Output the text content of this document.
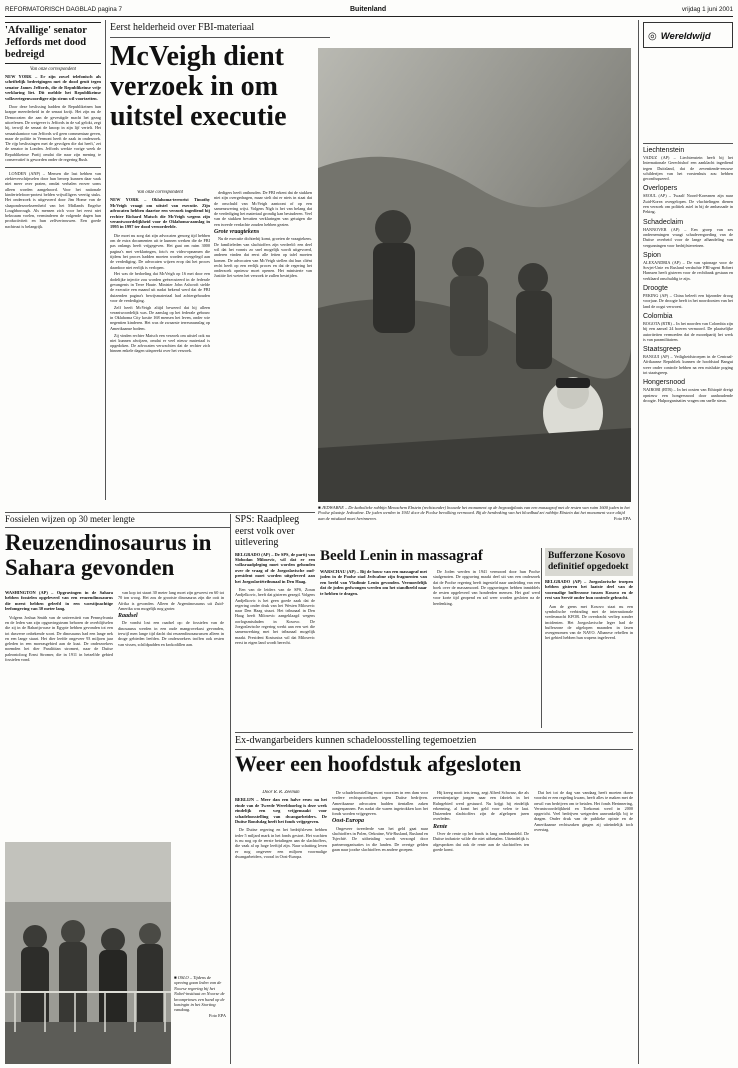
REFORMATORISCH DAGBLAD pagina 7	Buitenland	vrijdag 1 juni 2001
'Afvallige' senator Jeffords met dood bedreigd
Van onze correspondent

NEW YORK – Er zijn zowel telefonisch als schriftelijk bedreigingen met de dood geuit tegen senator James Jeffords, die de Republikeinse vrije verklaring liet. Dit meldde het Republikeinse volkvertegenwoordiger zijn steun wil voortzetten.

Door deze beslissing hadden de Republikeinen hun krappe meerderheid in de senaat kwijt. Het zijn nu de Democraten die aan de gevestigde macht het gezag uitoefenen. De wetgever is Jeffords in de val gelokt, zegt hij, terwijl de senaat de knoop in zijn lijf vertelt. Het senaatskantoor van Jeffords wil geen commentaar geven, maar de politie in Vermont heeft de zaak in onderzoek. 'De rijp beslissingen met de gevolgen die dat heeft,' zei de senator in Londen. Jeffords werkte vorige week de Republikeinse Partij omdat die naar zijn mening te conservatief is geworden onder de regering Bush.

LONDEN (ANP) – Mensen die last hebben van ziekteverschijnselen door hun beroep kunnen daar vaak niet meer over praten, omdat verhalen erover soms alleen worden aangehoord. Voor het nationale kindertelefoon-protest belden vrijwilligers veertig stuks. Het onderzoek is uitgevoerd door Jim Home van de slaaponderzoekseenheid van het Midlands Engelse Loughborough. Als mensen zich voor het eerst niet bekwaam voelen, verminderen de volgende dagen hun productiviteit en hun zelfvertrouwen. Een goede nachtrust is belangrijk.

Eerst helderheid over FBI-materiaal
McVeigh dient verzoek in om uitstel executie
Van onze correspondent

NEW YORK – Oklahoma-terrorist Timothy McVeigh vraagt om uitstel van executie. Zijn advocaten hebben daartoe een verzoek ingediend bij rechter Richard Matsch die McVeigh wegens zijn verantwoordelijkheid voor de Oklahoma-aanslag in 1995 in 1997 ter dood veroordeelde.

Die moet nu zorg dat zijn advocaten genoeg tijd hebben om de extra documenten uit te kunnen werken die de FBI pas onlangs heeft vrijgegeven. Het gaat om ruim 3000 pagina's met verklaringen, foto's en video-opnamen die tijdens het proces hadden moeten worden overgelegd aan de verdediging. De advocaten wijzen erop dat het proces daardoor niet eerlijk is verlopen.

Het was de bedoeling dat McVeigh op 16 mei door een dodelijke injectie zou worden geëxecuteerd in de federale gevangenis in Terre Haute. Minister John Ashcroft stelde de executie een maand uit nadat bekend werd dat de FBI duizenden pagina's bewijsmateriaal had achtergehouden voor de verdediging.

Zelf heeft McVeigh altijd beweerd dat hij alleen verantwoordelijk was. De aanslag op het federale gebouw in Oklahoma City kostte 168 mensen het leven, onder wie negentien kinderen. Het was de zwaarste terreuraanslag op Amerikaanse bodem.

Zij vinden rechter Matsch een verzoek om uitstel ook nu niet kunnen afwijzen, omdat er veel nieuw materiaal is opgedoken. De advocaten verwachten dat de rechter zich binnen enkele dagen uitspreekt over het verzoek.

dedigers heeft onthouden. De FBI erkent dat de stukken niet zijn overgedragen, maar stelt dat er niets in staat dat de onschuld van McVeigh aantoont of op een samenzwering wijst. Volgens Nigh is het van belang dat de verdediging het materiaal grondig kan bestuderen. Veel van de stukken bevatten verklaringen van getuigen die een tweede verdachte zouden hebben gezien.

Grote vraagtekens

Nu de executie dichterbij komt, groeien de vraagtekens. De familieleden van slachtoffers zijn verdeeld: een deel wil dat het vonnis zo snel mogelijk wordt uitgevoerd, anderen vinden dat eerst alle feiten op tafel moeten komen. De advocaten van McVeigh stellen dat hun cliënt recht heeft op een eerlijk proces en dat de regering het onderzoek opnieuw moet openen. Het ministerie van Justitie liet weten het verzoek te zullen bestrijden.

■ JEDWABNE – De katholieke rabbijn Menachem Ebstein (rechtsonder) bouwde het monument op de begraafplaats van een massagraf met de resten van ruim 1600 joden in het Poolse plaatsje Jedwabne. De joden werden in 1941 door de Poolse bevolking vermoord. Bij de herdenking van het bloedbad zei rabbijn Ebstein dat het monument voor altijd aan de misdaad moet herinneren.	Foto EPA
Fossielen wijzen op 30 meter lengte
Reuzendinosaurus in Sahara gevonden

WASHINGTON (AP) – Opgravingen in de Sahara hebben fossielen opgeleverd van een reuzendinosaurus die meest hebben geleefd in een woestijnachtige leefomgeving van 30 meter lang.

Volgens Joshua Smith van de universiteit van Pennsylvania en de leden van zijn opgravingsteam behoren de overblijfselen die zij in de Baharija-oase in Egypte hebben gevonden tot een tot dusverre onbekende soort. De dinosaurus had een lange nek en een lange staart. Het dier leefde ongeveer 93 miljoen jaar geleden in een moerasgebied aan de kust. De onderzoekers noemden het dier Paralititan stromeri, naar de Duitse paleontoloog Ernst Stromer, die in 1911 in hetzelfde gebied fossielen vond.

van kop tot staart 30 meter lang moet zijn geweest en 60 tot 70 ton woog. Het zou de grootste dinosaurus zijn die ooit in Afrika is gevonden. Alleen de Argentinosaurus uit Zuid-Amerika was mogelijk nog groter.

Raadsel

De vondst lost een raadsel op: de fossielen van de dinosaurus werden in een oude mangrovekust gevonden, terwijl men lange tijd dacht dat reuzendinosaurussen alleen in droge gebieden leefden. De onderzoekers troffen ook resten van vissen, schildpadden en krokodillen aan.

■ OSLO – Tijdens de opening gaan leden van de Noorse regering bij het Nobel-instituut en Noorse de kroonprinses een hand op de koningin in het Storting vandaag.
Foto EPA
SPS: Raadpleeg eerst volk over uitlevering

BELGRADO (AP) – De SPS, de partij van Slobodan Milosevic, wil dat er een volksraadpleging moet worden gehouden over de vraag of de Joegoslavische oud-president moet worden uitgeleverd aan het Joegoslaviëtribunaal in Den Haag.

Een van de leiders van de SPS, Zoran Andjelkovic, heeft dat gisteren gezegd. Volgens Andjelkovic is het geen goede zaak dat de regering onder druk van het Westen Milosevic naar Den Haag stuurt. Het tribunaal in Den Haag heeft Milosevic aangeklaagd wegens oorlogsmisdaden in Kosovo. De Joegoslavische regering werkt aan een wet die samenwerking met het tribunaal mogelijk maakt. President Kostunica wil dat Milosevic eerst in eigen land wordt berecht.

Beeld Lenin in massagraf

WARSCHAU (AP) – Bij de bouw van een massagraf met joden in de Poolse stad Jedwabne zijn fragmenten van een beeld van Vladimir Lenin gevonden. Vermoedelijk dat de joden gedwongen werden om het standbeeld naar te hebben te dragen.

De Joden werden in 1941 vermoord door hun Poolse stadgenoten. De opgraving maakt deel uit van een onderzoek dat de Poolse regering heeft ingesteld naar aanleiding van een boek over de massamoord. De opgravingen hebben inmiddels de resten opgeleverd van honderden mensen. Het graf werd voor korte tijd geopend en zal weer worden gesloten na de herdenking.

Bufferzone Kosovo definitief opgedoekt

BELGRADO (AP) – Joegoslavische troepen hebben gisteren het laatste deel van de voormalige bufferzone tussen Kosovo en de rest van Servië onder hun controle gebracht.

Aan de grens met Kosovo staat nu een symbolische verbinding met de internationale vredesmacht KFOR. De overdracht verliep zonder incidenten. Het Joegoslavische leger had de bufferzone de afgelopen maanden in fasen overgenomen van de NAVO. Albanese rebellen in het gebied hebben hun wapens ingeleverd.

Ex-dwangarbeiders kunnen schadeloosstelling tegemoetzien
Weer een hoofdstuk afgesloten
Door R. R. Zeeman

BERLIJN – Meer dan een halve eeuw na het einde van de Tweede Wereldoorlog is deze week eindelijk een weg vrijgemaakt voor schadeloosstelling van dwangarbeiders. De Duitse Bondsdag heeft het fonds vrijgegeven.

De Duitse regering en het bedrijfsleven hebben ieder 5 miljard mark in het fonds gestort. Het wachten is nu nog op de eerste betalingen aan de slachtoffers, die vaak al op hoge leeftijd zijn. Naar schatting leven er nog ongeveer een miljoen voormalige dwangarbeiders, vooral in Oost-Europa.

De schadeloosstelling moet voorzien in een dam voor verdere rechtsprocedures tegen Duitse bedrijven. Amerikaanse advocaten hadden tientallen zaken aangespannen. Pas nadat die waren ingetrokken kon het fonds worden vrijgegeven.

Oost-Europa

Ongeveer tweederde van het geld gaat naar slachtoffers in Polen, Oekraïne, Wit-Rusland, Rusland en Tsjechië. De uitbetaling wordt verzorgd door partnerorganisaties in die landen. De overige gelden gaan naar joodse slachtoffers en andere groepen.

Hij kreeg nooit iets terug, zegt Alfred Schwarz, die als zeventienjarige jongen naar een fabriek in het Ruhrgebied werd gestuurd. Nu krijgt hij eindelijk erkenning, al komt het geld voor velen te laat. Duizenden slachtoffers zijn de afgelopen jaren overleden.

Rente

Over de rente op het fonds is lang onderhandeld. De Duitse industrie wilde die niet uitbetalen. Uiteindelijk is afgesproken dat ook de rente aan de slachtoffers ten goede komt.

Dat het tot de dag van vandaag heeft moeten duren voordat er een regeling kwam, heeft alles te maken met de onwil van bedrijven om te betalen. Het fonds Herinnering, Verantwoordelijkheid en Toekomst werd in 2000 opgericht. Veel bedrijven weigerden aanvankelijk bij te dragen. Onder druk van de publieke opinie en de Amerikaanse rechtszaken gingen zij uiteindelijk toch overstag.

◎ Wereldwijd
Liechtenstein
VADUZ (AP) – Liechtenstein heeft bij het Internationale Gerechtshof een aanklacht ingediend tegen Duitsland, dat de zeventiende-eeuwse schilderijen van het vorstenhuis zou hebben geconfisqueerd.
Overlopers
SEOUL (AP) – Twaalf Noord-Koreanen zijn naar Zuid-Korea overgelopen. De vluchtelingen dienen een verzoek om politiek asiel in bij de ambassade in Peking.
Schadeclaim
HANNOVER (AP) – Een groep van zes ondernemingen vraagt schadevergoeding van de Duitse overheid voor de lange afhandeling van vergunningen voor bedrijfsterreinen.
Spion
ALEXANDRIA (AP) – De van spionage voor de Sovjet-Unie en Rusland verdachte FBI-agent Robert Hanssen heeft gisteren voor de rechtbank gestaan en verklaard onschuldig te zijn.
Droogte
PEKING (AP) – China beleeft een bijzonder droog voorjaar. De droogte heeft in het noordoosten van het land de oogst verwoest.
Colombia
BOGOTA (RTR) – In het noorden van Colombia zijn bij een aanval 24 boeren vermoord. De plaatselijke autoriteiten vermoeden dat de moordpartij het werk is van paramilitairen.
Staatsgreep
BANGUI (AP) – Veiligheidstroepen in de Centraal-Afrikaanse Republiek kunnen de hoofdstad Bangui weer onder controle hebben na een mislukte poging tot staatsgreep.
Hongersnood
NAIROBI (RTR) – In het oosten van Ethiopië dreigt opnieuw een hongersnood door aanhoudende droogte. Hulporganisaties vragen om snelle steun.
